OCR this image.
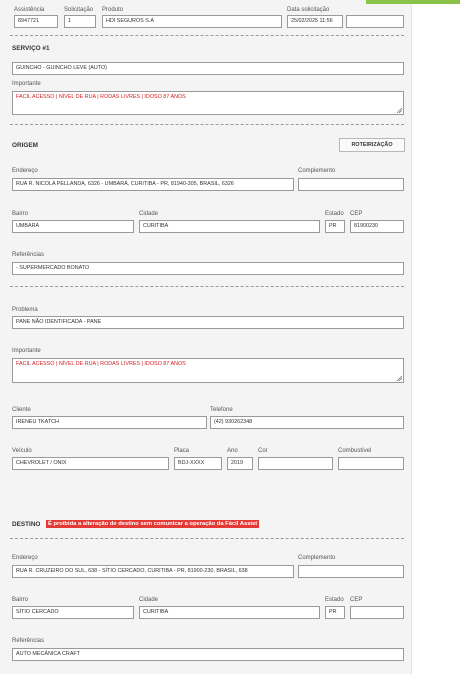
Assistência
8947721
Solicitação
1
Produto
HDI SEGUROS S.A
Data solicitação
25/02/2025 11:56
SERVIÇO #1
GUINCHO - GUINCHO LEVE (AUTO)
Importante
FACIL ACESSO | NÍVEL DE RUA | RODAS LIVRES | IDOSO 87 ANOS
ORIGEM	ROTEIRIZAÇÃO
Endereço
RUA R. NICOLA PELLANDA, 6326 - UMBARÁ, CURITIBA - PR, 81940-305, BRASIL, 6326
Complemento
Bairro
UMBARÁ
Cidade
CURITIBA
Estado
PR
CEP
81900230
Referências
- SUPERMERCADO BONATO
Problema
PANE NÃO IDENTIFICADA - PANE
Importante
FACIL ACESSO | NÍVEL DE RUA | RODAS LIVRES | IDOSO 87 ANOS
Cliente
IRENEU TKATCH
Telefone
(42) 930262348
Veículo
CHEVROLET / ONIX
Placa
BDJ-XXXX
Ano
2019
Cor	Combustível
DESTINO	É proibida a alteração de destino sem comunicar a operação da Fácil Assist
Endereço
RUA R. CRUZEIRO DO SUL, 638 - SÍTIO CERCADO, CURITIBA - PR, 81900-230, BRASIL, 638
Complemento
Bairro
SÍTIO CERCADO
Cidade
CURITIBA
Estado
PR
CEP
Referências
AUTO MECÂNICA CRAFT
